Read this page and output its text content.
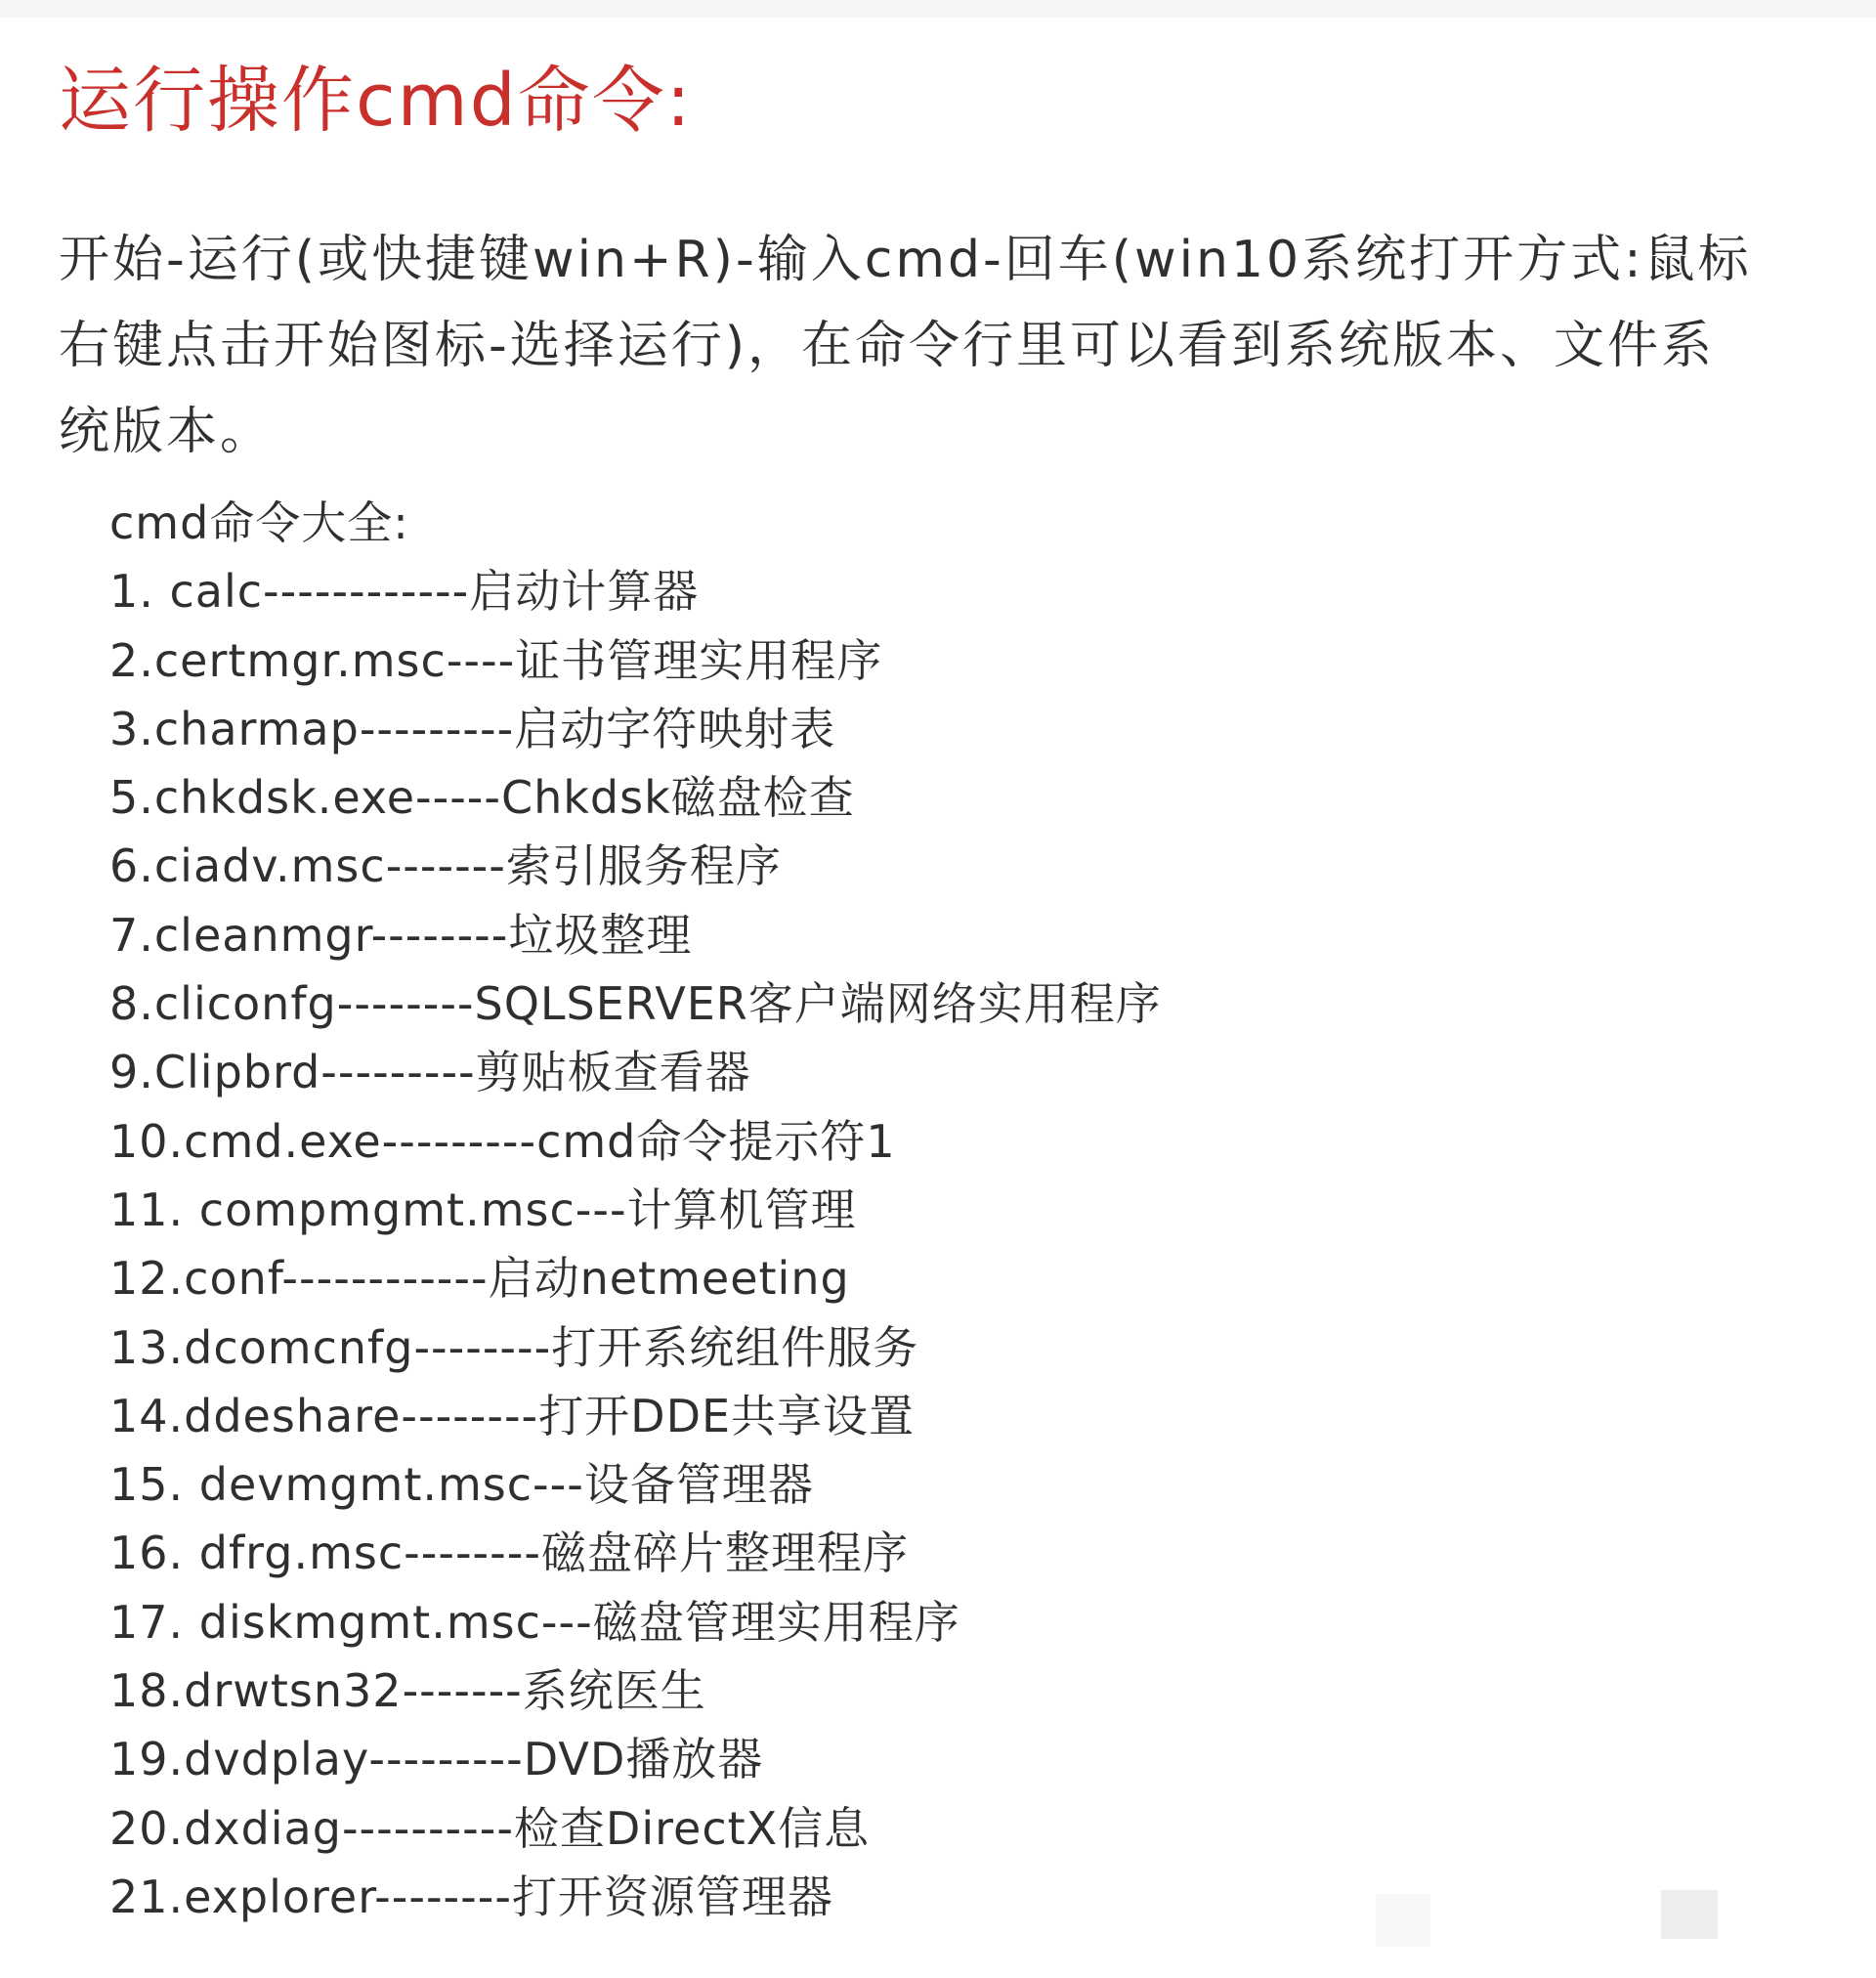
运行操作cmd命令:
开始-运行(或快捷键win+R)-输入cmd-回车(win10系统打开方式:鼠标右键点击开始图标-选择运行)，在命令行里可以看到系统版本、文件系统版本。
cmd命令大全:
1. calc------------启动计算器
2.certmgr.msc----证书管理实用程序
3.charmap---------启动字符映射表
5.chkdsk.exe-----Chkdsk磁盘检查
6.ciadv.msc-------索引服务程序
7.cleanmgr--------垃圾整理
8.cliconfg--------SQLSERVER客户端网络实用程序
9.Clipbrd---------剪贴板查看器
10.cmd.exe---------cmd命令提示符1
11. compmgmt.msc---计算机管理
12.conf------------启动netmeeting
13.dcomcnfg--------打开系统组件服务
14.ddeshare--------打开DDE共享设置
15. devmgmt.msc---设备管理器
16. dfrg.msc--------磁盘碎片整理程序
17. diskmgmt.msc---磁盘管理实用程序
18.drwtsn32-------系统医生
19.dvdplay---------DVD播放器
20.dxdiag----------检查DirectX信息
21.explorer--------打开资源管理器
